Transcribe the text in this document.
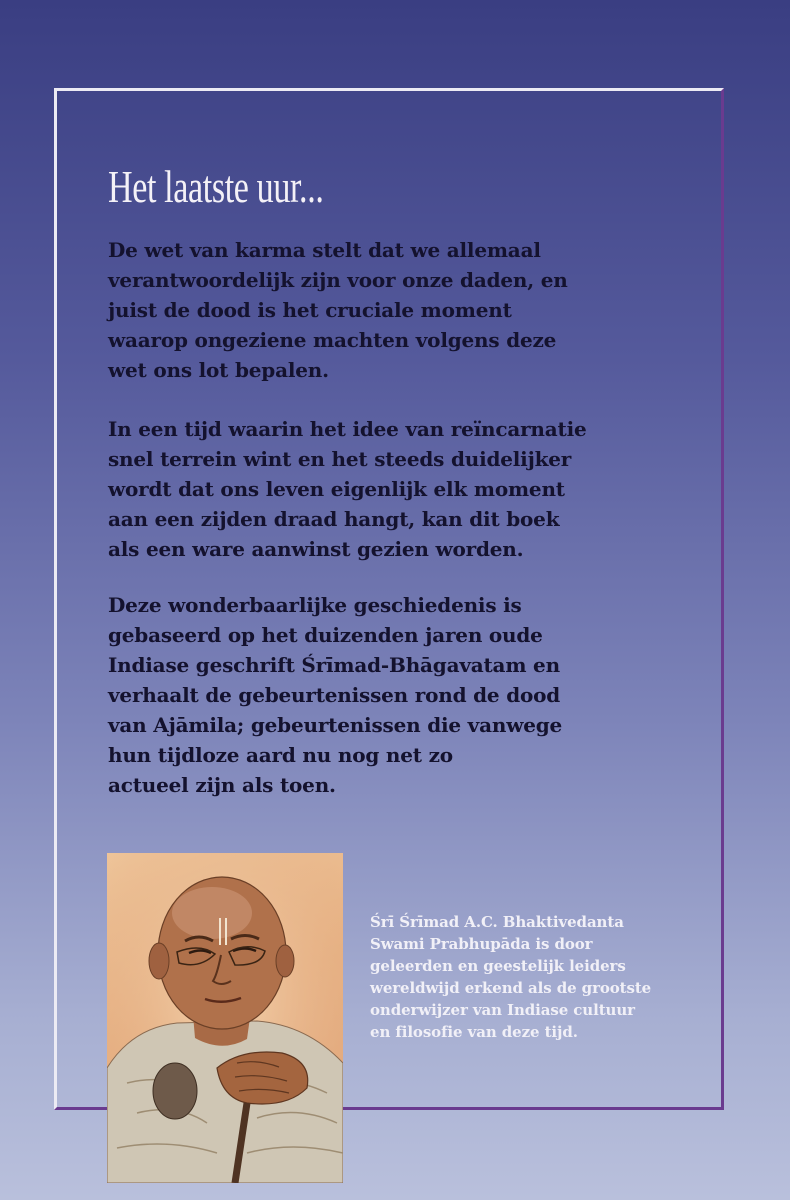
Het laatste uur...

De wet van karma stelt dat we allemaal
verantwoordelijk zijn voor onze daden, en
juist de dood is het cruciale moment
waarop ongeziene machten volgens deze
wet ons lot bepalen.

In een tijd waarin het idee van reïncarnatie
snel terrein wint en het steeds duidelijker
wordt dat ons leven eigenlijk elk moment
aan een zijden draad hangt, kan dit boek
als een ware aanwinst gezien worden.

Deze wonderbaarlijke geschiedenis is
gebaseerd op het duizenden jaren oude
Indiase geschrift Śrīmad-Bhāgavatam en
verhaalt de gebeurtenissen rond de dood
van Ajāmila; gebeurtenissen die vanwege
hun tijdloze aard nu nog net zo
actueel zijn als toen.

Śrī Śrīmad A.C. Bhaktivedanta
Swami Prabhupāda is door
geleerden en geestelijk leiders
wereldwijd erkend als de grootste
onderwijzer van Indiase cultuur
en filosofie van deze tijd.
